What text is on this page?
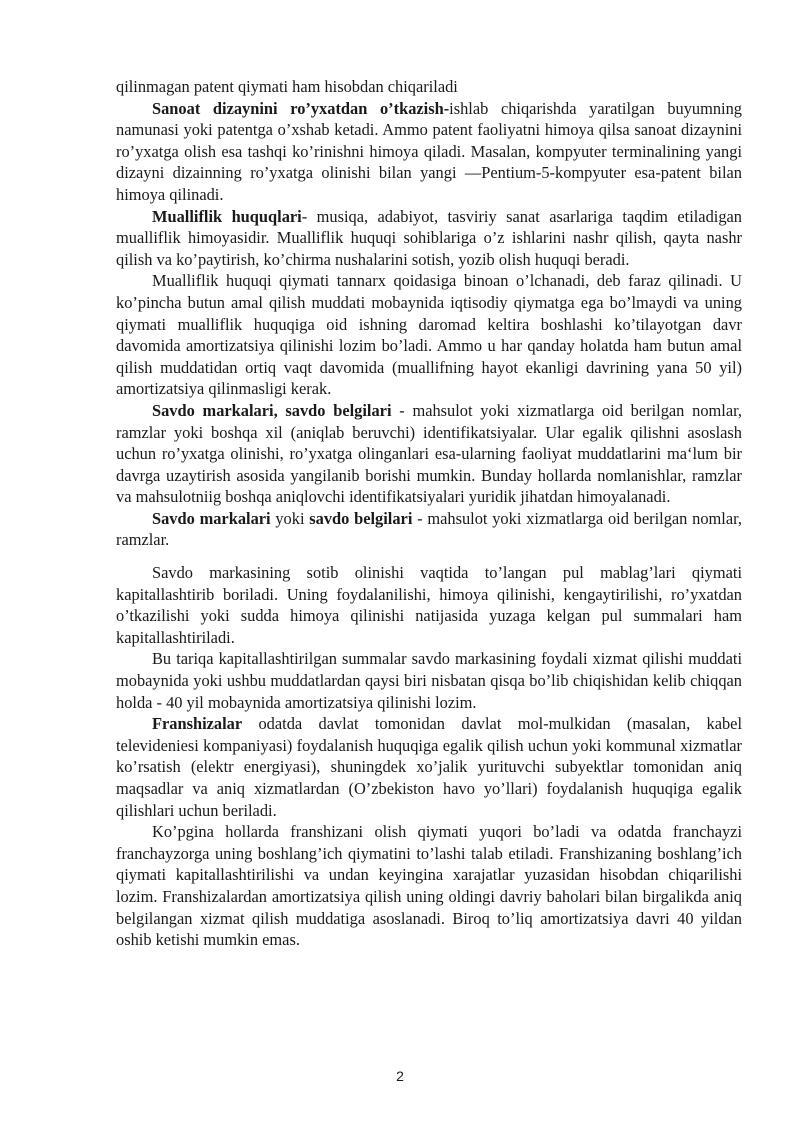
qilinmagan patent qiymati ham hisobdan chiqariladi

Sanoat dizaynini ro’yxatdan o’tkazish-ishlab chiqarishda yaratilgan buyumning namunasi yoki patentga o’xshab ketadi. Ammo patent faoliyatni himoya qilsa sanoat dizaynini ro’yxatga olish esa tashqi ko’rinishni himoya qiladi. Masalan, kompyuter terminalining yangi dizayni dizainning ro’yxatga olinishi bilan yangi —Pentium-5-kompyuter esa-patent bilan himoya qilinadi.

Mualliflik huquqlari- musiqa, adabiyot, tasviriy sanat asarlariga taqdim etiladigan mualliflik himoyasidir. Mualliflik huquqi sohiblariga o’z ishlarini nashr qilish, qayta nashr qilish va ko’paytirish, ko’chirma nushalarini sotish, yozib olish huquqi beradi.

Mualliflik huquqi qiymati tannarx qoidasiga binoan o’lchanadi, deb faraz qilinadi. U ko’pincha butun amal qilish muddati mobaynida iqtisodiy qiymatga ega bo’lmaydi va uning qiymati mualliflik huquqiga oid ishning daromad keltira boshlashi ko’tilayotgan davr davomida amortizatsiya qilinishi lozim bo’ladi. Ammo u har qanday holatda ham butun amal qilish muddatidan ortiq vaqt davomida (muallifning hayot ekanligi davrining yana 50 yil) amortizatsiya qilinmasligi kerak.

Savdo markalari, savdo belgilari - mahsulot yoki xizmatlarga oid berilgan nomlar, ramzlar yoki boshqa xil (aniqlab beruvchi) identifikatsiyalar. Ular egalik qilishni asoslash uchun ro’yxatga olinishi, ro’yxatga olinganlari esa-ularning faoliyat muddatlarini ma‘lum bir davrga uzaytirish asosida yangilanib borishi mumkin. Bunday hollarda nomlanishlar, ramzlar va mahsulotniig boshqa aniqlovchi identifikatsiyalari yuridik jihatdan himoyalanadi.

Savdo markalari yoki savdo belgilari - mahsulot yoki xizmatlarga oid berilgan nomlar, ramzlar.

Savdo markasining sotib olinishi vaqtida to’langan pul mablag’lari qiymati kapitallashtirib boriladi. Uning foydalanilishi, himoya qilinishi, kengaytirilishi, ro’yxatdan o’tkazilishi yoki sudda himoya qilinishi natijasida yuzaga kelgan pul summalari ham kapitallashtiriladi.

Bu tariqa kapitallashtirilgan summalar savdo markasining foydali xizmat qilishi muddati mobaynida yoki ushbu muddatlardan qaysi biri nisbatan qisqa bo’lib chiqishidan kelib chiqqan holda - 40 yil mobaynida amortizatsiya qilinishi lozim.

Franshizalar odatda davlat tomonidan davlat mol-mulkidan (masalan, kabel televideniesi kompaniyasi) foydalanish huquqiga egalik qilish uchun yoki kommunal xizmatlar ko’rsatish (elektr energiyasi), shuningdek xo’jalik yurituvchi subyektlar tomonidan aniq maqsadlar va aniq xizmatlardan (O’zbekiston havo yo’llari) foydalanish huquqiga egalik qilishlari uchun beriladi.

Ko’pgina hollarda franshizani olish qiymati yuqori bo’ladi va odatda franchayzi franchayzorga uning boshlang’ich qiymatini to’lashi talab etiladi. Franshizaning boshlang’ich qiymati kapitallashtirilishi va undan keyingina xarajatlar yuzasidan hisobdan chiqarilishi lozim. Franshizalardan amortizatsiya qilish uning oldingi davriy baholari bilan birgalikda aniq belgilangan xizmat qilish muddatiga asoslanadi. Biroq to’liq amortizatsiya davri 40 yildan oshib ketishi mumkin emas.

2
